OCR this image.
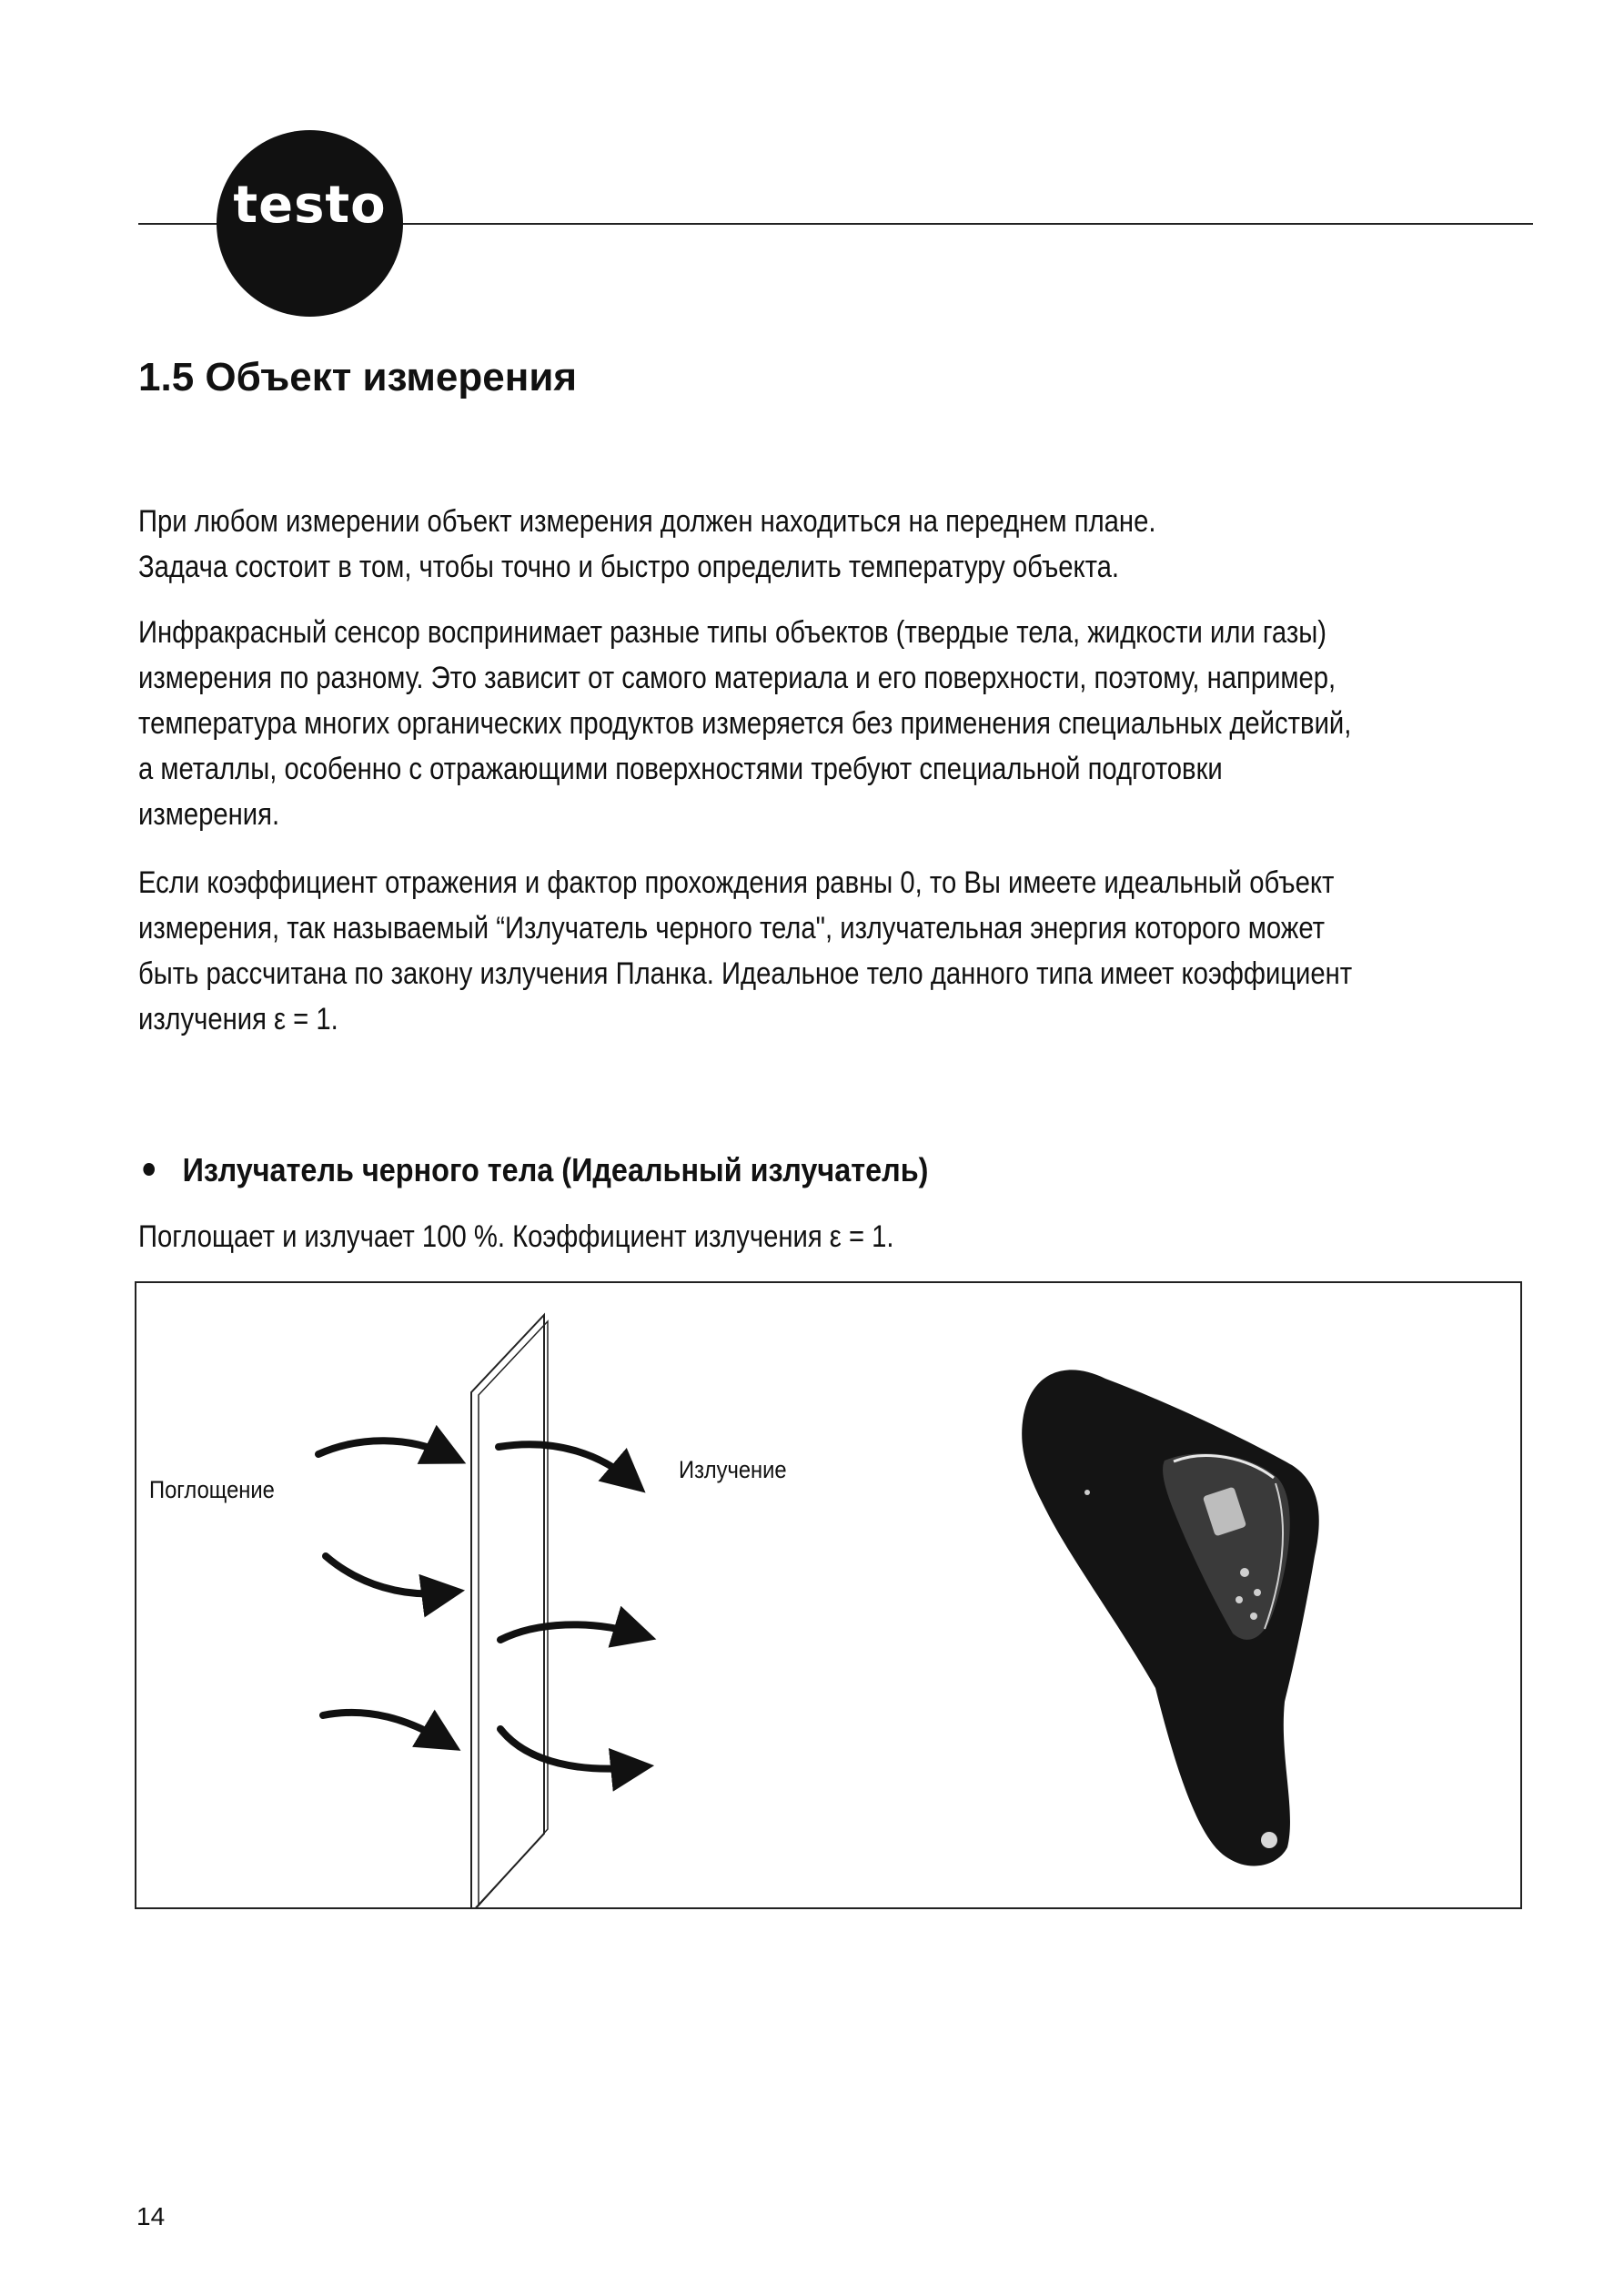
testo
1.5 Объект измерения

При любом измерении объект измерения должен находиться на переднем плане.
Задача состоит в том, чтобы точно и быстро определить температуру объекта.

Инфракрасный сенсор воспринимает разные типы объектов (твердые тела, жидкости или газы)
измерения по разному. Это зависит от самого материала и его поверхности, поэтому, например,
температура многих органических продуктов измеряется без применения специальных действий,
а металлы, особенно с отражающими поверхностями требуют специальной подготовки
измерения.

Если коэффициент отражения и фактор прохождения равны 0, то Вы имеете идеальный объект
измерения, так называемый “Излучатель черного тела", излучательная энергия которого может
быть рассчитана по закону излучения Планка. Идеальное тело данного типа имеет коэффициент
излучения ε = 1.

Излучатель черного тела (Идеальный излучатель)
Поглощает и излучает 100 %. Коэффициент излучения ε = 1.
Поглощение
Излучение
14
